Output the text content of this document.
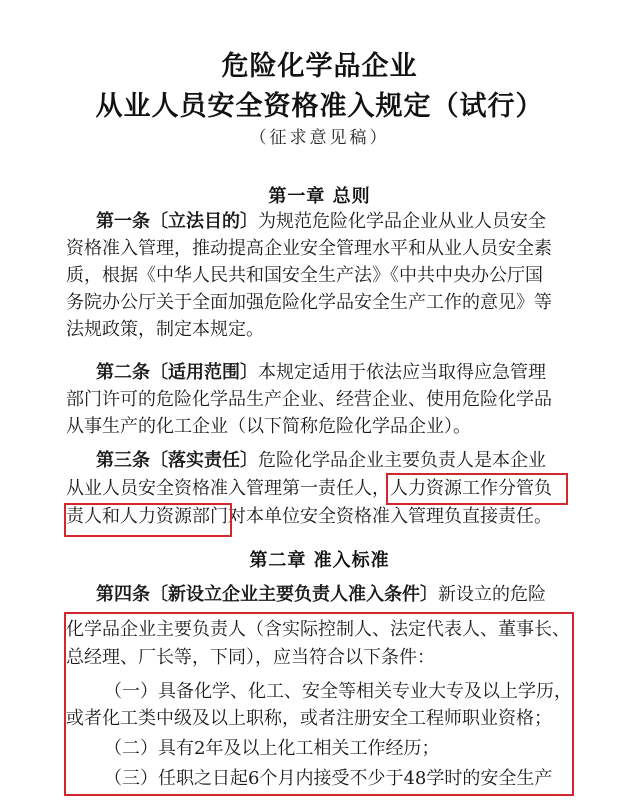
危险化学品企业
从业人员安全资格准入规定（试行）
（征求意见稿）
第一章 总则
第一条〔立法目的〕为规范危险化学品企业从业人员安全
资格准入管理，推动提高企业安全管理水平和从业人员安全素
质，根据《中华人民共和国安全生产法》《中共中央办公厅国
务院办公厅关于全面加强危险化学品安全生产工作的意见》等
法规政策，制定本规定。
第二条〔适用范围〕本规定适用于依法应当取得应急管理
部门许可的危险化学品生产企业、经营企业、使用危险化学品
从事生产的化工企业（以下简称危险化学品企业）。
第三条〔落实责任〕危险化学品企业主要负责人是本企业
从业人员安全资格准入管理第一责任人，人力资源工作分管负
责人和人力资源部门对本单位安全资格准入管理负直接责任。
第二章 准入标准
第四条〔新设立企业主要负责人准入条件〕新设立的危险
化学品企业主要负责人（含实际控制人、法定代表人、董事长、
总经理、厂长等，下同），应当符合以下条件：
（一）具备化学、化工、安全等相关专业大专及以上学历，
或者化工类中级及以上职称，或者注册安全工程师职业资格；
（二）具有2年及以上化工相关工作经历；
（三）任职之日起6个月内接受不少于48学时的安全生产
